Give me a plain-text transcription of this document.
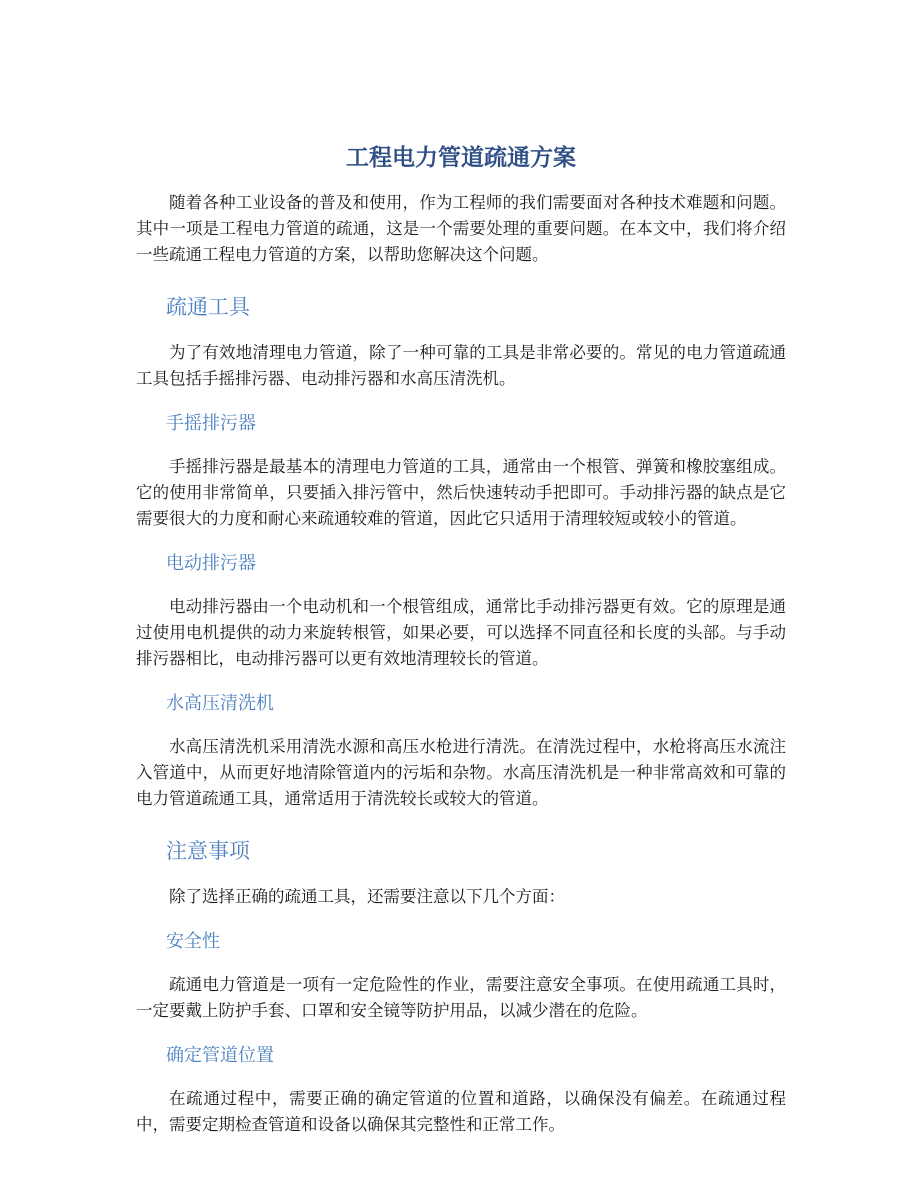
工程电力管道疏通方案

随着各种工业设备的普及和使用，作为工程师的我们需要面对各种技术难题和问题。其中一项是工程电力管道的疏通，这是一个需要处理的重要问题。在本文中，我们将介绍一些疏通工程电力管道的方案，以帮助您解决这个问题。

疏通工具

为了有效地清理电力管道，除了一种可靠的工具是非常必要的。常见的电力管道疏通工具包括手摇排污器、电动排污器和水高压清洗机。

手摇排污器

手摇排污器是最基本的清理电力管道的工具，通常由一个根管、弹簧和橡胶塞组成。它的使用非常简单，只要插入排污管中，然后快速转动手把即可。手动排污器的缺点是它需要很大的力度和耐心来疏通较难的管道，因此它只适用于清理较短或较小的管道。

电动排污器

电动排污器由一个电动机和一个根管组成，通常比手动排污器更有效。它的原理是通过使用电机提供的动力来旋转根管，如果必要，可以选择不同直径和长度的头部。与手动排污器相比，电动排污器可以更有效地清理较长的管道。

水高压清洗机

水高压清洗机采用清洗水源和高压水枪进行清洗。在清洗过程中，水枪将高压水流注入管道中，从而更好地清除管道内的污垢和杂物。水高压清洗机是一种非常高效和可靠的电力管道疏通工具，通常适用于清洗较长或较大的管道。

注意事项

除了选择正确的疏通工具，还需要注意以下几个方面：

安全性

疏通电力管道是一项有一定危险性的作业，需要注意安全事项。在使用疏通工具时，一定要戴上防护手套、口罩和安全镜等防护用品，以减少潜在的危险。

确定管道位置

在疏通过程中，需要正确的确定管道的位置和道路，以确保没有偏差。在疏通过程中，需要定期检查管道和设备以确保其完整性和正常工作。
